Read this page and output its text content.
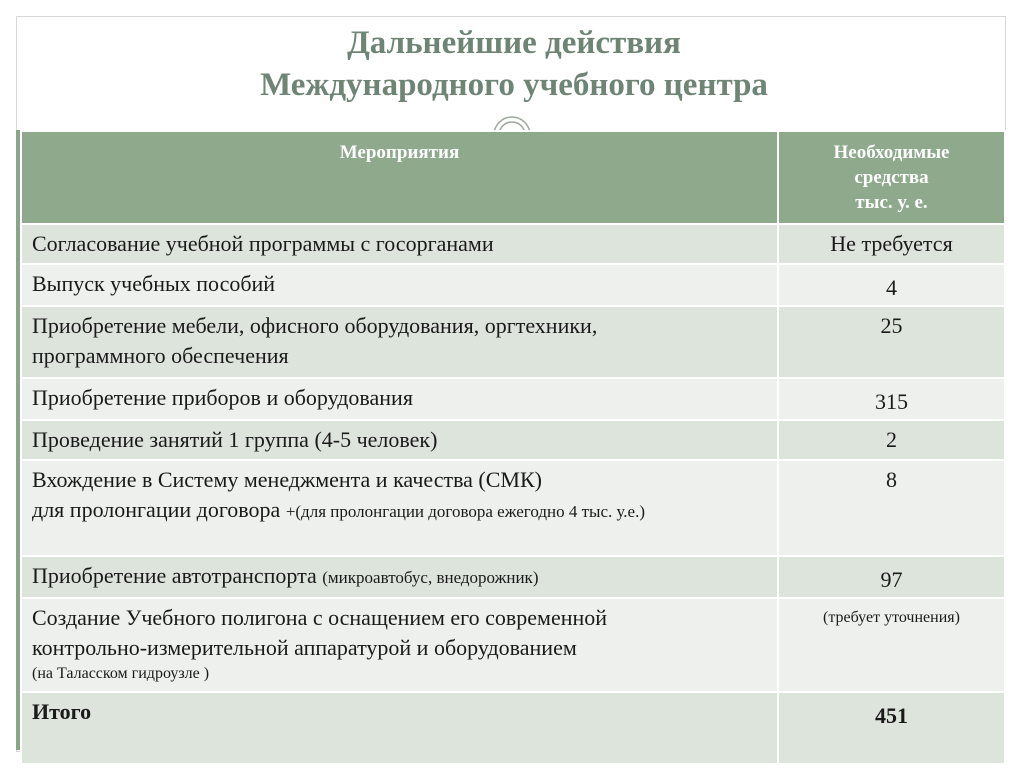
Дальнейшие действия
Международного учебного центра
Мероприятия	Необходимые
средства
тыс. у. е.

Согласование учебной программы с госорганами	Не требуется
Выпуск учебных пособий	4

Приобретение мебели, офисного оборудования, оргтехники,
программного обеспечения	25
Приобретение приборов и оборудования	315
Проведение занятий 1 группа (4-5 человек)	2

Вхождение в Систему менеджмента и качества (СМК)
для пролонгации договора +(для пролонгации договора ежегодно 4 тыс. у.е.)	8
Приобретение автотранспорта (микроавтобус, внедорожник)	97

Создание Учебного полигона с оснащением его современной
контрольно-измерительной аппаратурой и оборудованием
(на Таласском гидроузле )	(требует уточнения)
Итого	451
